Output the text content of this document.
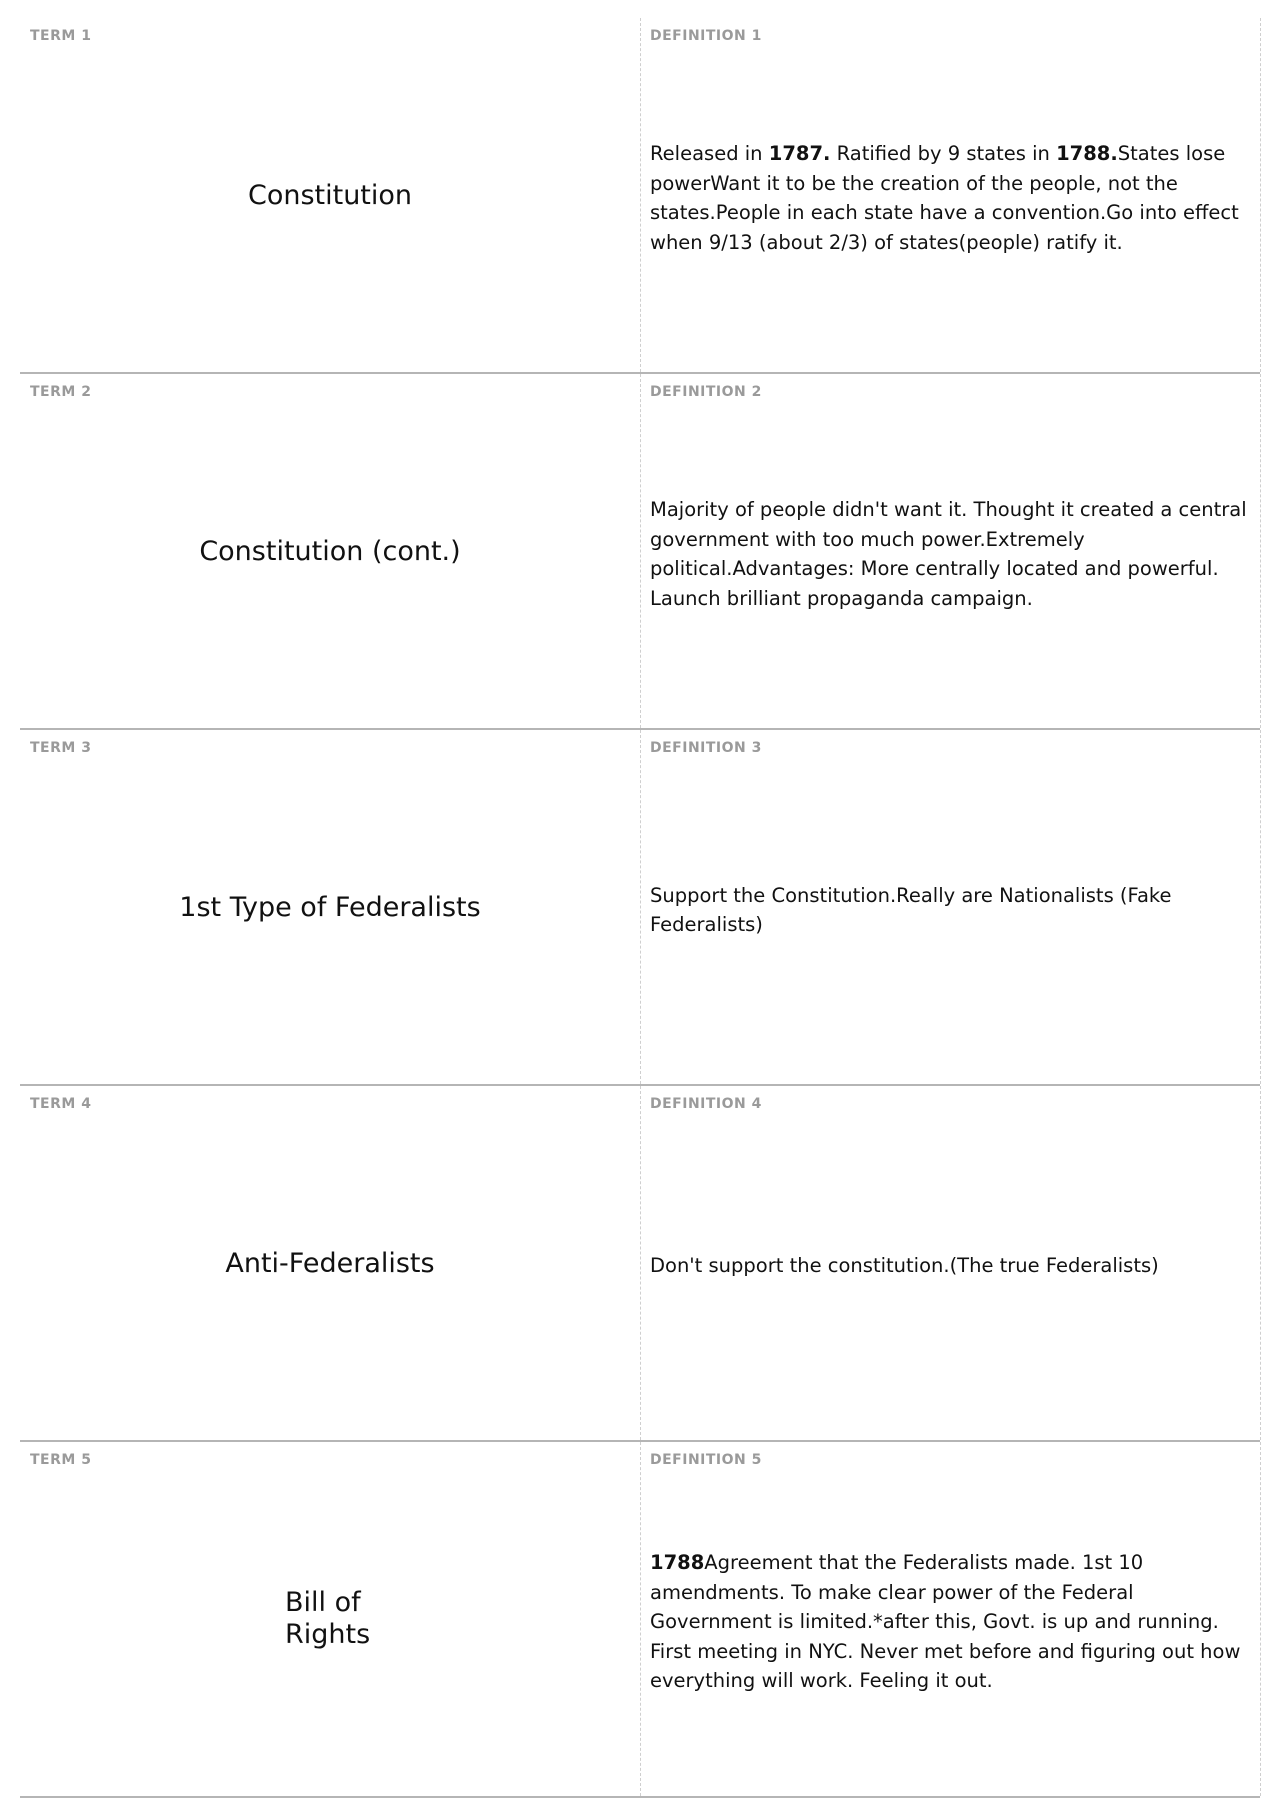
TERM 1
Constitution
DEFINITION 1

Released in 1787. Ratified by 9 states in 1788.States lose powerWant it to be the creation of the people, not the states.People in each state have a convention.Go into effect when 9/13 (about 2/3) of states(people) ratify it.

TERM 2
Constitution (cont.)
DEFINITION 2

Majority of people didn't want it. Thought it created a central government with too much power.Extremely political.Advantages: More centrally located and powerful. Launch brilliant propaganda campaign.

TERM 3
1st Type of Federalists
DEFINITION 3

Support the Constitution.Really are Nationalists (Fake Federalists)

TERM 4
Anti-Federalists
DEFINITION 4

Don't support the constitution.(The true Federalists)

TERM 5
Bill of Rights
DEFINITION 5

1788Agreement that the Federalists made. 1st 10 amendments. To make clear power of the Federal Government is limited.*after this, Govt. is up and running. First meeting in NYC. Never met before and figuring out how everything will work. Feeling it out.
